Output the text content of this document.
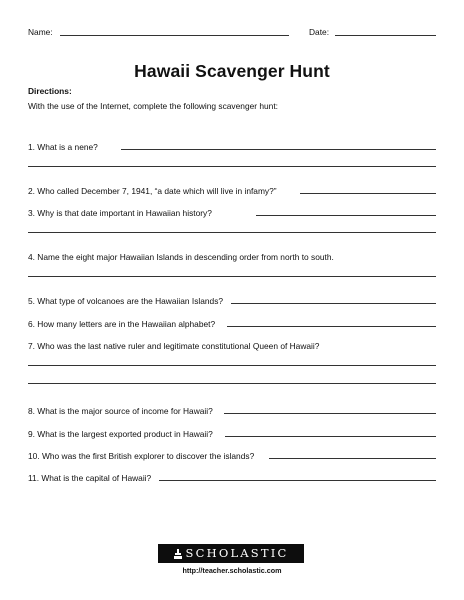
Name:	Date:
Hawaii Scavenger Hunt
Directions:
With the use of the Internet, complete the following scavenger hunt:
1. What is a nene?
2. Who called December 7, 1941, “a date which will live in infamy?”
3. Why is that date important in Hawaiian history?
4. Name the eight major Hawaiian Islands in descending order from north to south.
5. What type of volcanoes are the Hawaiian Islands?
6. How many letters are in the Hawaiian alphabet?
7. Who was the last native ruler and legitimate constitutional Queen of Hawaii?
8. What is the major source of income for Hawaii?
9. What is the largest exported product in Hawaii?
10. Who was the first British explorer to discover the islands?
11. What is the capital of Hawaii?
SCHOLASTIC
http://teacher.scholastic.com
